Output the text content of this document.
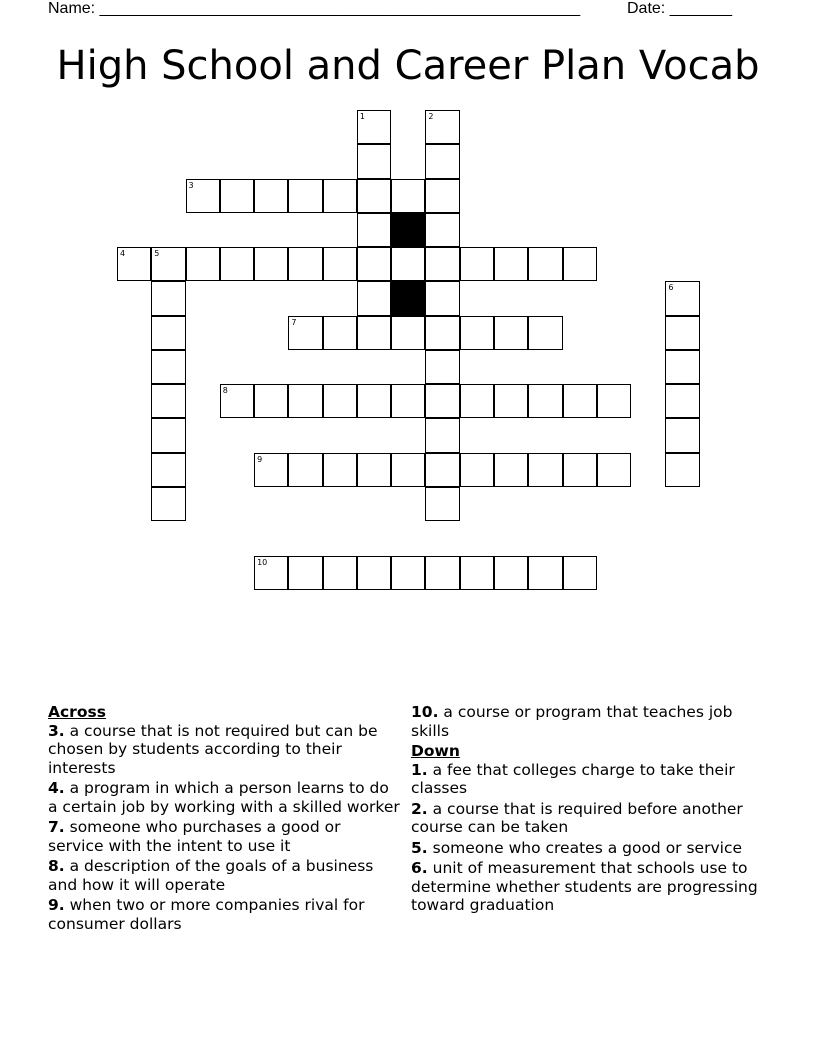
Name: ______________________________________________________	Date: _______
High School and Career Plan Vocab
3
4	5
7
8
9
10
1	2
6
Across
3. a course that is not required but can be chosen by students according to their interests
4. a program in which a person learns to do a certain job by working with a skilled worker
7. someone who purchases a good or service with the intent to use it
8. a description of the goals of a business and how it will operate
9. when two or more companies rival for consumer dollars
10. a course or program that teaches job skills
Down
1. a fee that colleges charge to take their classes
2. a course that is required before another course can be taken
5. someone who creates a good or service
6. unit of measurement that schools use to determine whether students are progressing toward graduation
